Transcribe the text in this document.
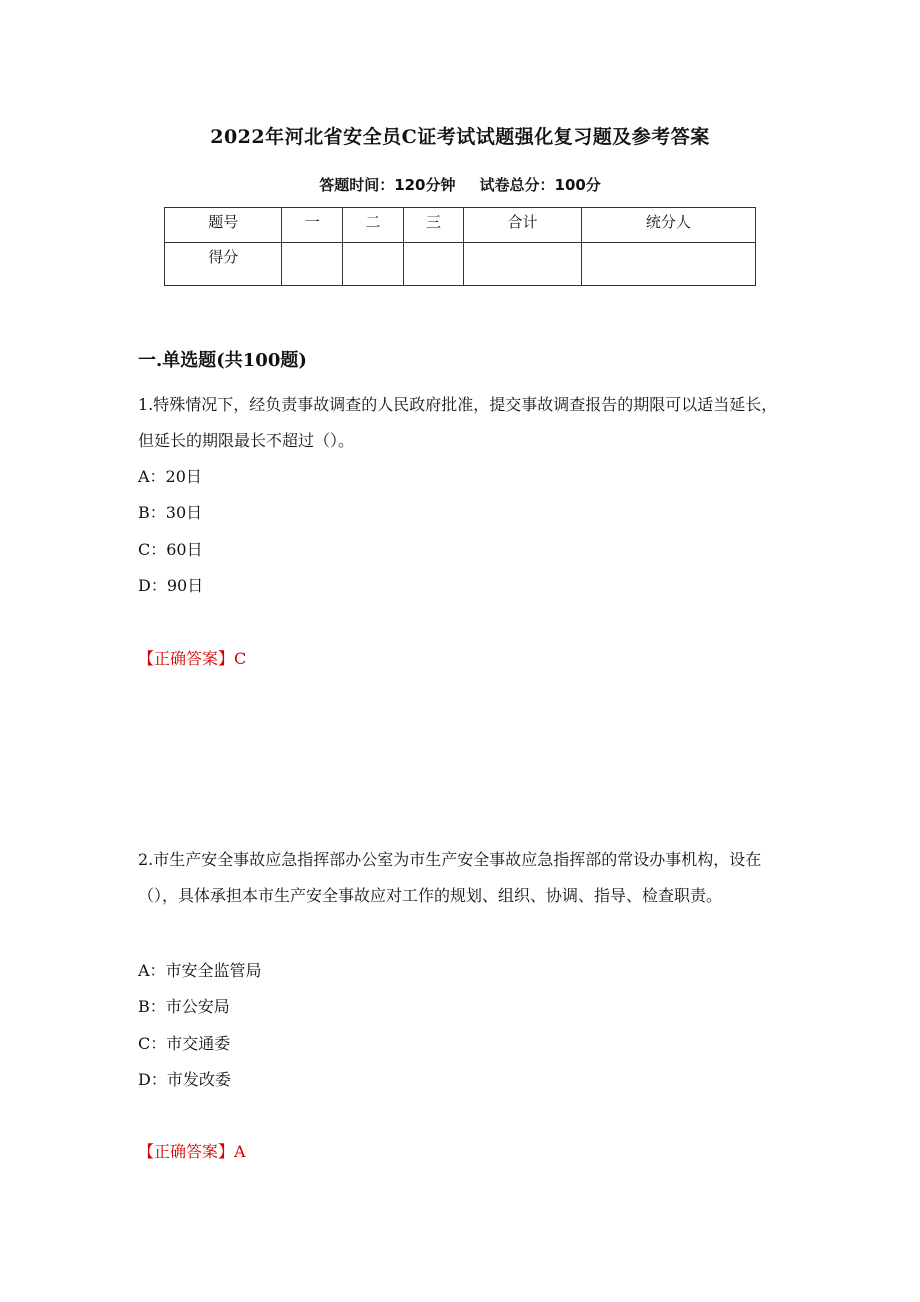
2022年河北省安全员C证考试试题强化复习题及参考答案
答题时间：120分钟 试卷总分：100分
题号	一	二	三	合计	统分人
得分					
一.单选题(共100题)
1.特殊情况下，经负责事故调查的人民政府批准，提交事故调查报告的期限可以适当延长，但延长的期限最长不超过（）。
A：20日
B：30日
C：60日
D：90日
【正确答案】C
2.市生产安全事故应急指挥部办公室为市生产安全事故应急指挥部的常设办事机构，设在（），具体承担本市生产安全事故应对工作的规划、组织、协调、指导、检查职责。
A：市安全监管局
B：市公安局
C：市交通委
D：市发改委
【正确答案】A
